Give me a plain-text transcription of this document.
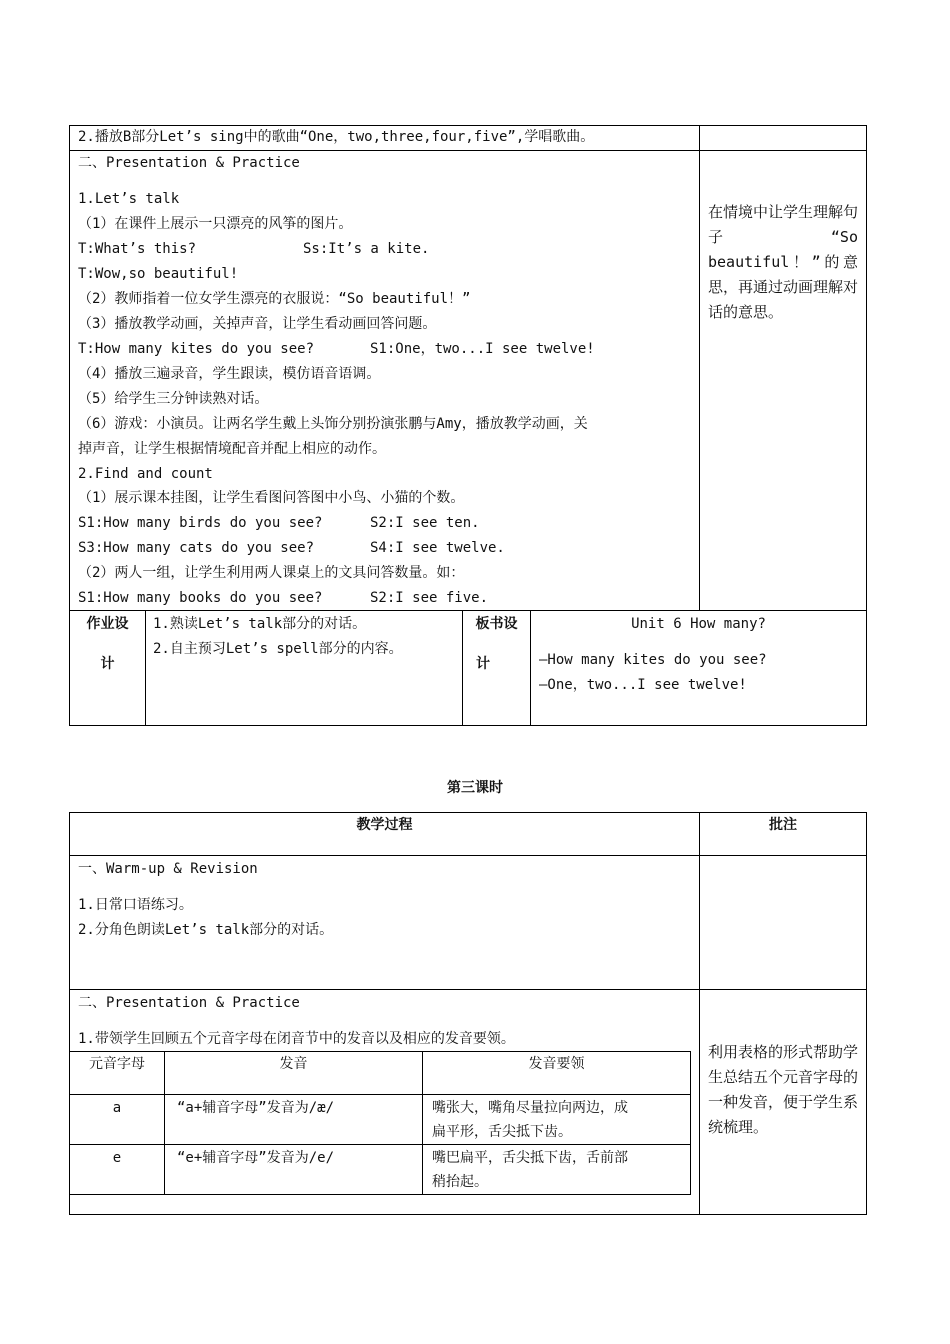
2.播放B部分Let’s sing中的歌曲“One，two,three,four,five”,学唱歌曲。
二、Presentation & Practice
1.Let’s talk
（1）在课件上展示一只漂亮的风筝的图片。
T:What’s this?	Ss:It’s a kite.
T:Wow,so beautiful!
（2）教师指着一位女学生漂亮的衣服说：“So beautiful！”
（3）播放教学动画，关掉声音，让学生看动画回答问题。
T:How many kites do you see?	S1:One，two...I see twelve!
（4）播放三遍录音，学生跟读，模仿语音语调。
（5）给学生三分钟读熟对话。
（6）游戏：小演员。让两名学生戴上头饰分别扮演张鹏与Amy，播放教学动画，关
掉声音，让学生根据情境配音并配上相应的动作。
2.Find and count
（1）展示课本挂图，让学生看图问答图中小鸟、小猫的个数。
S1:How many birds do you see?	S2:I see ten.
S3:How many cats do you see?	S4:I see twelve.
（2）两人一组，让学生利用两人课桌上的文具问答数量。如：
S1:How many books do you see?	S2:I see five.
在情境中让学生理解句子“So beautiful！”的意思，再通过动画理解对话的意思。
作业设
计
1.熟读Let’s talk部分的对话。
2.自主预习Let’s spell部分的内容。
板书设
计
Unit 6 How many?
—How many kites do you see?
—One，two...I see twelve!
第三课时
教学过程	批注
一、Warm-up & Revision
1.日常口语练习。
2.分角色朗读Let’s talk部分的对话。
二、Presentation & Practice
1.带领学生回顾五个元音字母在闭音节中的发音以及相应的发音要领。
元音字母	发音	发音要领
a	“a+辅音字母”发音为/æ/	嘴张大，嘴角尽量拉向两边，成
扁平形，舌尖抵下齿。
e	“e+辅音字母”发音为/e/	嘴巴扁平，舌尖抵下齿，舌前部
稍抬起。
利用表格的形式帮助学生总结五个元音字母的一种发音，便于学生系统梳理。
